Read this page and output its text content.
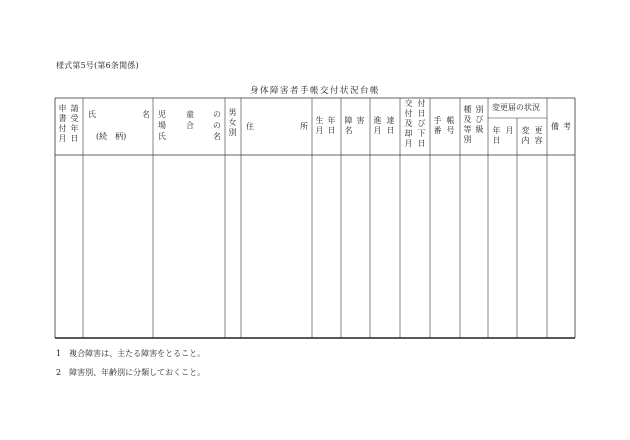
様式第5号(第6条関係)
身体障害者手帳交付状況台帳
申書付月
請受年日
氏	名
(続　柄)
児
場
氏
童
合
の
の
名
男女別
住	所
生月
年日
障名
害 進月
達日
交付及却月
付日び下日
手番
帳号
種及等別
別び級
変更届の状況
年日
月 変内
更容
備考
1　複合障害は、主たる障害をとること。
2　障害別、年齢別に分類しておくこと。
